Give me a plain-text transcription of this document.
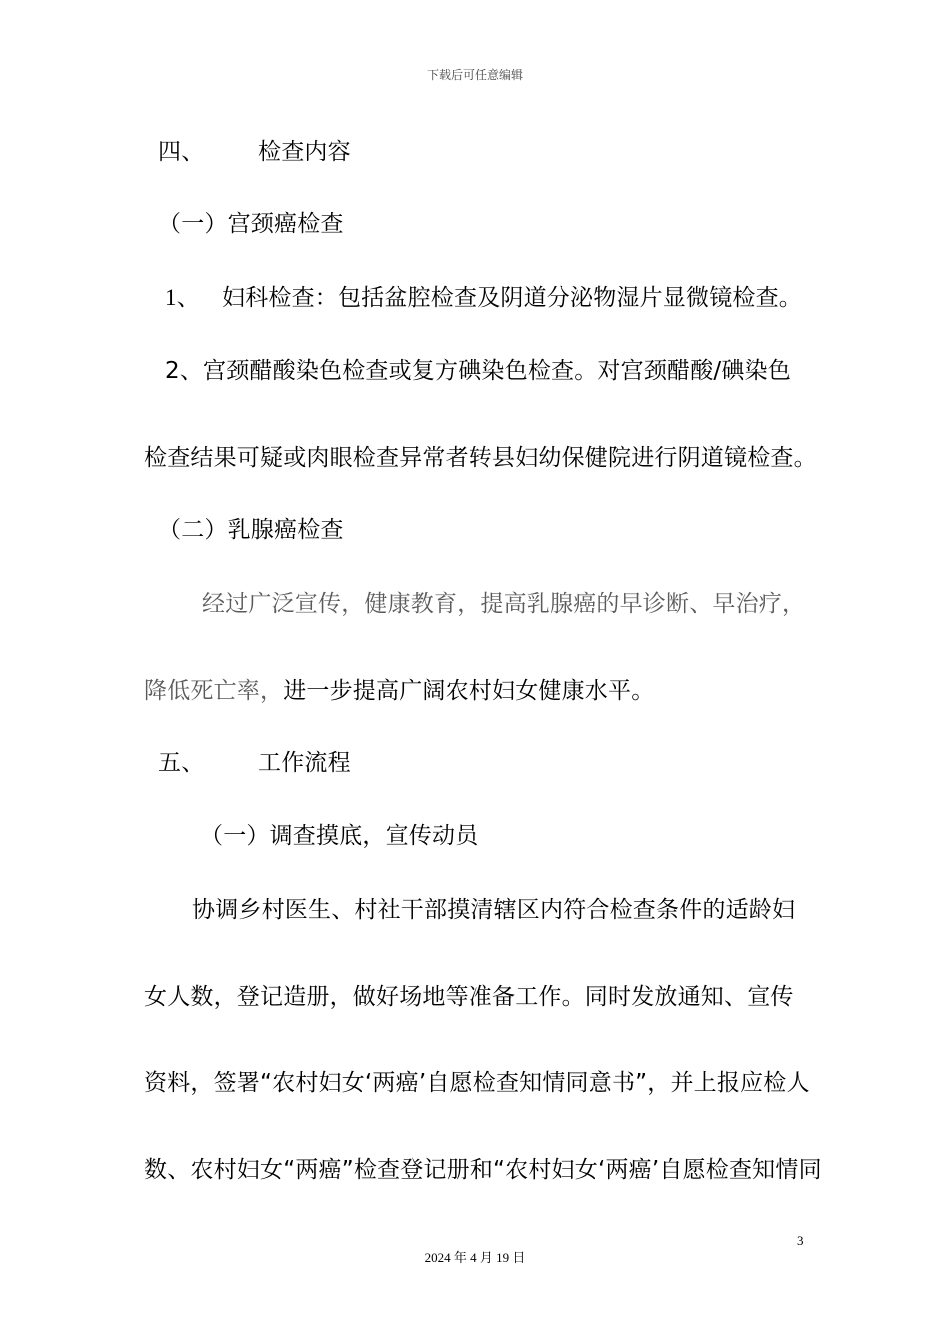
下载后可任意编辑
四、 检查内容
（一）宫颈癌检查
1、 妇科检查：包括盆腔检查及阴道分泌物湿片显微镜检查。
2、宫颈醋酸染色检查或复方碘染色检查。对宫颈醋酸/碘染色
检查结果可疑或肉眼检查异常者转县妇幼保健院进行阴道镜检查。
（二）乳腺癌检查
经过广泛宣传，健康教育，提高乳腺癌的早诊断、早治疗，
降低死亡率，进一步提高广阔农村妇女健康水平。
五、 工作流程
（一）调查摸底，宣传动员
协调乡村医生、村社干部摸清辖区内符合检查条件的适龄妇
女人数，登记造册，做好场地等准备工作。同时发放通知、宣传
资料，签署“农村妇女‘两癌’自愿检查知情同意书”，并上报应检人
数、农村妇女“两癌”检查登记册和“农村妇女‘两癌’自愿检查知情同
3
2024 年 4 月 19 日
